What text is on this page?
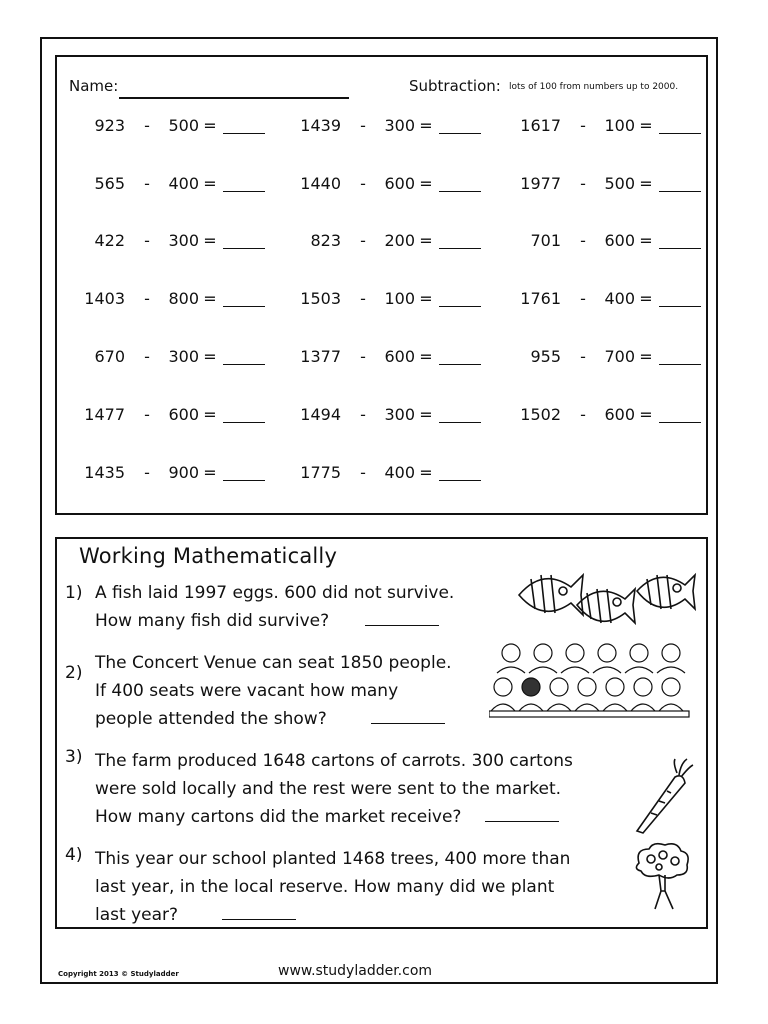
Name:	Subtraction: lots of 100 from numbers up to 2000.
923 -	500 =	1439 -	300 =	1617 -	100 =
565 -	400 =	1440 -	600 =	1977 -	500 =
422 -	300 =	823 -	200 =	701 -	600 =
1403 -	800 =	1503 -	100 =	1761 -	400 =
670 -	300 =	1377 -	600 =	955 -	700 =
1477 -	600 =	1494 -	300 =	1502 -	600 =
1435 -	900 =	1775 -	400 =
Working Mathematically
1) A fish laid 1997 eggs. 600 did not survive.
How many fish did survive?
2) The Concert Venue can seat 1850 people.
If 400 seats were vacant how many
people attended the show?
3) The farm produced 1648 cartons of carrots. 300 cartons
were sold locally and the rest were sent to the market.
How many cartons did the market receive?
4) This year our school planted 1468 trees, 400 more than
last year, in the local reserve. How many did we plant
last year?
Copyright 2013 © Studyladder	www.studyladder.com
